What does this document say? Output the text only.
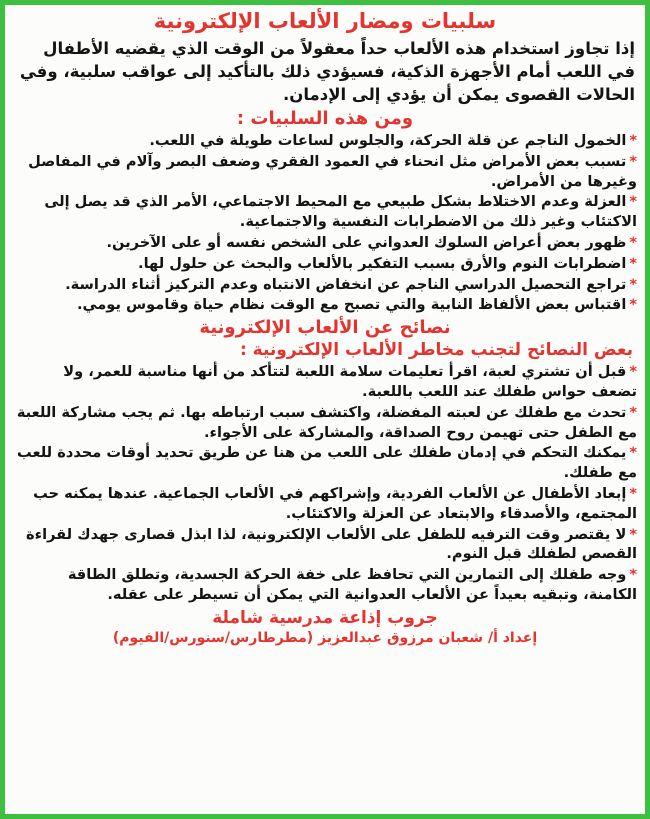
سلبيات ومضار الألعاب الإلكترونية

إذا تجاوز استخدام هذه الألعاب حداً معقولاً من الوقت الذي يقضيه الأطفال في اللعب أمام الأجهزة الذكية، فسيؤدي ذلك بالتأكيد إلى عواقب سلبية، وفي الحالات القصوى يمكن أن يؤدي إلى الإدمان.

ومن هذه السلبيات :
*الخمول الناجم عن قلة الحركة، والجلوس لساعات طويلة في اللعب.
*تسبب بعض الأمراض مثل انحناء في العمود الفقري وضعف البصر وآلام في المفاصل وغيرها من الأمراض.
*العزلة وعدم الاختلاط بشكل طبيعي مع المحيط الاجتماعي، الأمر الذي قد يصل إلى الاكتئاب وغير ذلك من الاضطرابات النفسية والاجتماعية.
*ظهور بعض أعراض السلوك العدواني على الشخص نفسه أو على الآخرين.
*اضطرابات النوم والأرق بسبب التفكير بالألعاب والبحث عن حلول لها.
*تراجع التحصيل الدراسي الناجم عن انخفاض الانتباه وعدم التركيز أثناء الدراسة.
*اقتباس بعض الألفاظ النابية والتي تصبح مع الوقت نظام حياة وقاموس يومي.
نصائح عن الألعاب الإلكترونية
بعض النصائح لتجنب مخاطر الألعاب الإلكترونية :
*قبل أن تشتري لعبة، اقرأ تعليمات سلامة اللعبة لتتأكد من أنها مناسبة للعمر، ولا تضعف حواس طفلك عند اللعب باللعبة.
*تحدث مع طفلك عن لعبته المفضلة، واكتشف سبب ارتباطه بها. ثم يجب مشاركة اللعبة مع الطفل حتى تهيمن روح الصداقة، والمشاركة على الأجواء.
*يمكنك التحكم في إدمان طفلك على اللعب من هنا عن طريق تحديد أوقات محددة للعب مع طفلك.
*إبعاد الأطفال عن الألعاب الفردية، وإشراكهم في الألعاب الجماعية. عندها يمكنه حب المجتمع، والأصدقاء والابتعاد عن العزلة والاكتئاب.
*لا يقتصر وقت الترفيه للطفل على الألعاب الإلكترونية، لذا ابذل قصارى جهدك لقراءة القصص لطفلك قبل النوم.
*وجه طفلك إلى التمارين التي تحافظ على خفة الحركة الجسدية، وتطلق الطاقة الكامنة، وتبقيه بعيداً عن الألعاب العدوانية التي يمكن أن تسيطر على عقله.
جروب إذاعة مدرسية شاملة
إعداد أ/ شعبان مرزوق عبدالعزيز (مطرطارس/سنورس/الفيوم)
